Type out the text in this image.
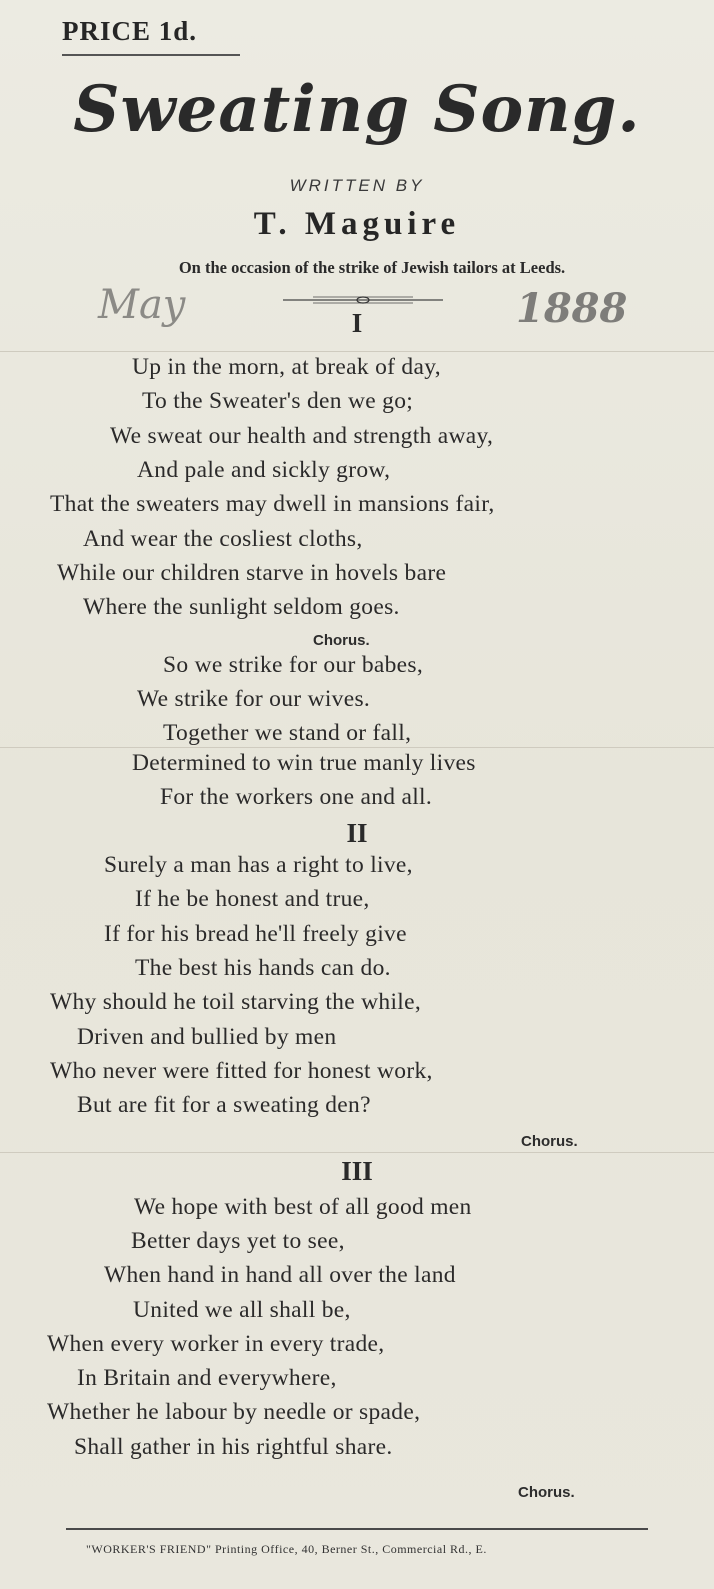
PRICE 1d.
Sweating Song.
WRITTEN BY
T. Maguire
On the occasion of the strike of Jewish tailors at Leeds.
May	1888
I
Up in the morn, at break of day,
To the Sweater's den we go;
We sweat our health and strength away,
And pale and sickly grow,
That the sweaters may dwell in mansions fair,
And wear the cosliest cloths,
While our children starve in hovels bare
Where the sunlight seldom goes.
Chorus.
So we strike for our babes,
We strike for our wives.
Together we stand or fall,
Determined to win true manly lives
For the workers one and all.
II
Surely a man has a right to live,
If he be honest and true,
If for his bread he'll freely give
The best his hands can do.
Why should he toil starving the while,
Driven and bullied by men
Who never were fitted for honest work,
But are fit for a sweating den?
Chorus.
III
We hope with best of all good men
Better days yet to see,
When hand in hand all over the land
United we all shall be,
When every worker in every trade,
In Britain and everywhere,
Whether he labour by needle or spade,
Shall gather in his rightful share.
Chorus.
"WORKER'S FRIEND" Printing Office, 40, Berner St., Commercial Rd., E.
